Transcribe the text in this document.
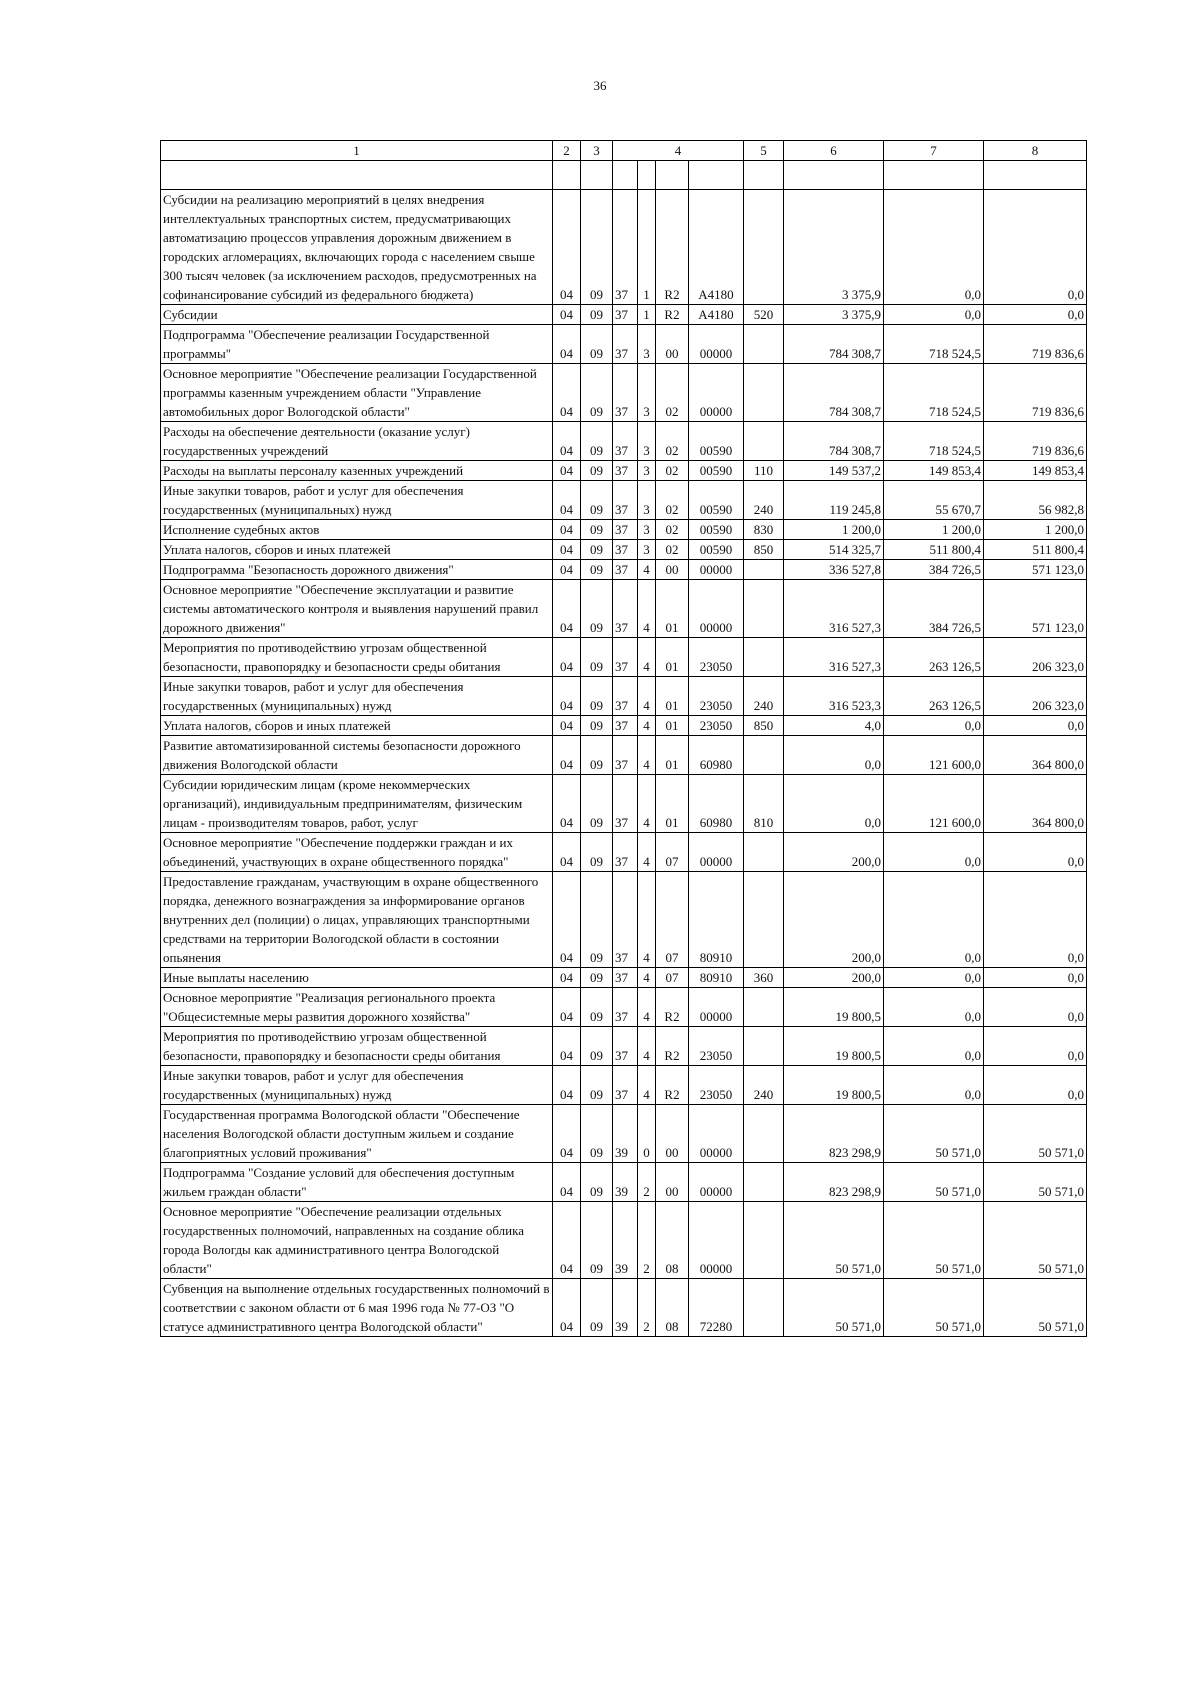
36
1	2	3	4				5	6	7	8

Субсидии на реализацию мероприятий в целях внедрения интеллектуальных транспортных систем, предусматривающих автоматизацию процессов управления дорожным движением в городских агломерациях, включающих города с населением свыше 300 тысяч человек (за исключением расходов, предусмотренных на софинансирование субсидий из федерального бюджета)	04	09	37	1	R2	A4180		3 375,9	0,0	0,0
Субсидии	04	09	37	1	R2	A4180	520	3 375,9	0,0	0,0
Подпрограмма "Обеспечение реализации Государственной программы"	04	09	37	3	00	00000		784 308,7	718 524,5	719 836,6
Основное мероприятие "Обеспечение реализации Государственной программы казенным учреждением области "Управление автомобильных дорог Вологодской области"	04	09	37	3	02	00000		784 308,7	718 524,5	719 836,6
Расходы на обеспечение деятельности (оказание услуг) государственных учреждений	04	09	37	3	02	00590		784 308,7	718 524,5	719 836,6
Расходы на выплаты персоналу казенных учреждений	04	09	37	3	02	00590	110	149 537,2	149 853,4	149 853,4
Иные закупки товаров, работ и услуг для обеспечения государственных (муниципальных) нужд	04	09	37	3	02	00590	240	119 245,8	55 670,7	56 982,8
Исполнение судебных актов	04	09	37	3	02	00590	830	1 200,0	1 200,0	1 200,0
Уплата налогов, сборов и иных платежей	04	09	37	3	02	00590	850	514 325,7	511 800,4	511 800,4
Подпрограмма "Безопасность дорожного движения"	04	09	37	4	00	00000		336 527,8	384 726,5	571 123,0
Основное мероприятие "Обеспечение эксплуатации и развитие системы автоматического контроля и выявления нарушений правил дорожного движения"	04	09	37	4	01	00000		316 527,3	384 726,5	571 123,0
Мероприятия по противодействию угрозам общественной безопасности, правопорядку и безопасности среды обитания	04	09	37	4	01	23050		316 527,3	263 126,5	206 323,0
Иные закупки товаров, работ и услуг для обеспечения государственных (муниципальных) нужд	04	09	37	4	01	23050	240	316 523,3	263 126,5	206 323,0
Уплата налогов, сборов и иных платежей	04	09	37	4	01	23050	850	4,0	0,0	0,0
Развитие автоматизированной системы безопасности дорожного движения Вологодской области	04	09	37	4	01	60980		0,0	121 600,0	364 800,0
Субсидии юридическим лицам (кроме некоммерческих организаций), индивидуальным предпринимателям, физическим лицам - производителям товаров, работ, услуг	04	09	37	4	01	60980	810	0,0	121 600,0	364 800,0
Основное мероприятие "Обеспечение поддержки граждан и их объединений, участвующих в охране общественного порядка"	04	09	37	4	07	00000		200,0	0,0	0,0
Предоставление гражданам, участвующим в охране общественного порядка, денежного вознаграждения за информирование органов внутренних дел (полиции) о лицах, управляющих транспортными средствами на территории Вологодской области в состоянии опьянения	04	09	37	4	07	80910		200,0	0,0	0,0
Иные выплаты населению	04	09	37	4	07	80910	360	200,0	0,0	0,0
Основное мероприятие "Реализация регионального проекта "Общесистемные меры развития дорожного хозяйства"	04	09	37	4	R2	00000		19 800,5	0,0	0,0
Мероприятия по противодействию угрозам общественной безопасности, правопорядку и безопасности среды обитания	04	09	37	4	R2	23050		19 800,5	0,0	0,0
Иные закупки товаров, работ и услуг для обеспечения государственных (муниципальных) нужд	04	09	37	4	R2	23050	240	19 800,5	0,0	0,0
Государственная программа Вологодской области "Обеспечение населения Вологодской области доступным жильем и создание благоприятных условий проживания"	04	09	39	0	00	00000		823 298,9	50 571,0	50 571,0
Подпрограмма "Создание условий для обеспечения доступным жильем граждан области"	04	09	39	2	00	00000		823 298,9	50 571,0	50 571,0
Основное мероприятие "Обеспечение реализации отдельных государственных полномочий, направленных на создание облика города Вологды как административного центра Вологодской области"	04	09	39	2	08	00000		50 571,0	50 571,0	50 571,0
Субвенция на выполнение отдельных государственных полномочий в соответствии с законом области от 6 мая 1996 года № 77-ОЗ "О статусе административного центра Вологодской области"	04	09	39	2	08	72280		50 571,0	50 571,0	50 571,0
